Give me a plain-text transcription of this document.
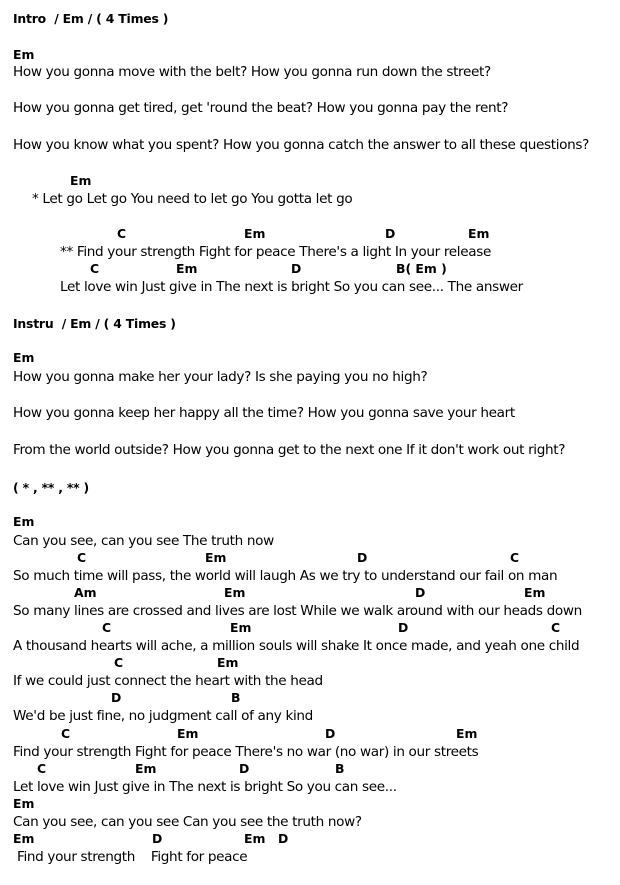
Intro  / Em / ( 4 Times )
Instru  / Em / ( 4 Times )
( * , ** , ** )
Em
How you gonna move with the belt? How you gonna run down the street?
How you gonna get tired, get 'round the beat? How you gonna pay the rent?
How you know what you spent? How you gonna catch the answer to all these questions?
Em
* Let go Let go You need to let go You gotta let go
C	Em	D	Em
** Find your strength Fight for peace There's a light In your release
C	Em	D	B( Em )
Let love win Just give in The next is bright So you can see... The answer
Em
How you gonna make her your lady? Is she paying you no high?
How you gonna keep her happy all the time? How you gonna save your heart
From the world outside? How you gonna get to the next one If it don't work out right?
Em
Can you see, can you see The truth now
C	Em	D	C
So much time will pass, the world will laugh As we try to understand our fail on man
Am	Em	D	Em
So many lines are crossed and lives are lost While we walk around with our heads down
C	Em	D	C
A thousand hearts will ache, a million souls will shake It once made, and yeah one child
C	Em
If we could just connect the heart with the head
D	B
We'd be just fine, no judgment call of any kind
C	Em	D	Em
Find your strength Fight for peace There's no war (no war) in our streets
C	Em	D	B
Let love win Just give in The next is bright So you can see...
Em
Can you see, can you see Can you see the truth now?
Em	D	Em D
Find your strength    Fight for peace
